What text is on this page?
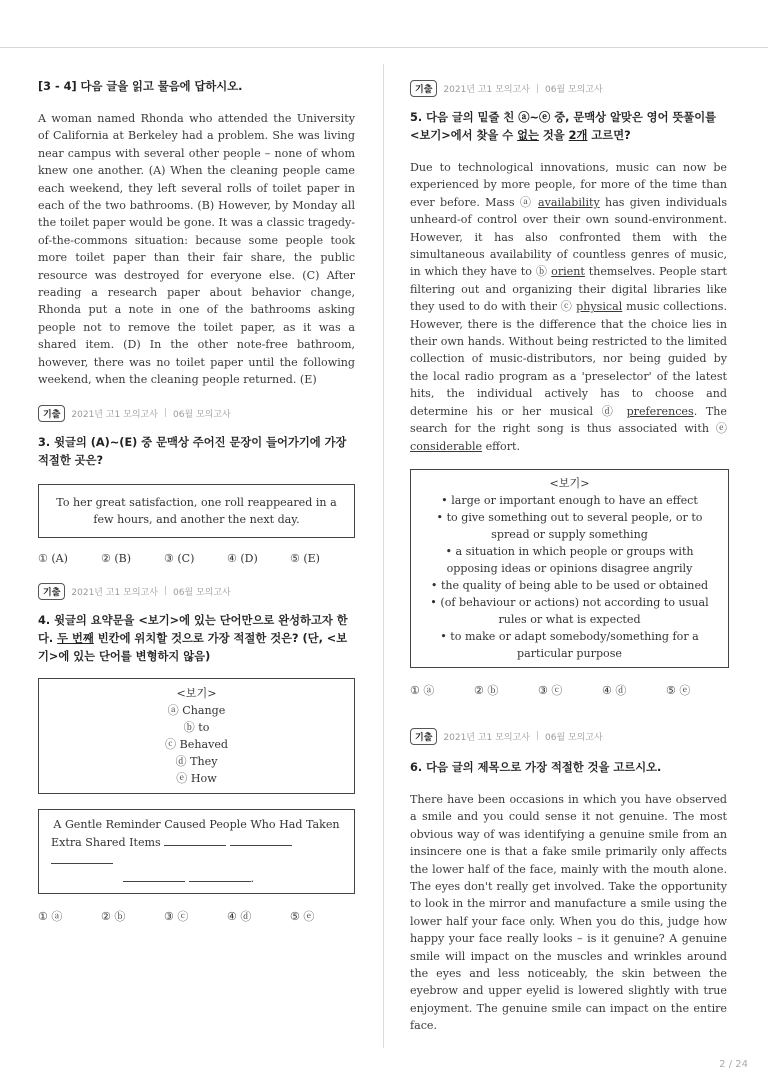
[3 - 4] 다음 글을 읽고 물음에 답하시오.

A woman named Rhonda who attended the University of California at Berkeley had a problem. She was living near campus with several other people – none of whom knew one another. (A) When the cleaning people came each weekend, they left several rolls of toilet paper in each of the two bathrooms. (B) However, by Monday all the toilet paper would be gone. It was a classic tragedy-of-the-commons situation: because some people took more toilet paper than their fair share, the public resource was destroyed for everyone else. (C) After reading a research paper about behavior change, Rhonda put a note in one of the bathrooms asking people not to remove the toilet paper, as it was a shared item. (D) In the other note-free bathroom, however, there was no toilet paper until the following weekend, when the cleaning people returned. (E)

기출	2021년 고1 모의고사 | 06월 모의고사

3. 윗글의 (A)~(E) 중 문맥상 주어진 문장이 들어가기에 가장 적절한 곳은?

To her great satisfaction, one roll reappeared in a few hours, and another the next day.
① (A)	② (B)	③ (C)	④ (D)	⑤ (E)
기출	2021년 고1 모의고사 | 06월 모의고사

4. 윗글의 요약문을 <보기>에 있는 단어만으로 완성하고자 한다. 두 번째 빈칸에 위치할 것으로 가장 적절한 것은? (단, <보기>에 있는 단어를 변형하지 않음)

<보기>
ⓐ Change
ⓑ to
ⓒ Behaved
ⓓ They
ⓔ How
A Gentle Reminder Caused People Who Had Taken
Extra Shared Items
.
① ⓐ	② ⓑ	③ ⓒ	④ ⓓ	⑤ ⓔ
기출	2021년 고1 모의고사 | 06월 모의고사

5. 다음 글의 밑줄 친 ⓐ~ⓔ 중, 문맥상 알맞은 영어 뜻풀이를 <보기>에서 찾을 수 없는 것을 2개 고르면?

Due to technological innovations, music can now be experienced by more people, for more of the time than ever before. Mass ⓐ availability has given individuals unheard-of control over their own sound-environment. However, it has also confronted them with the simultaneous availability of countless genres of music, in which they have to ⓑ orient themselves. People start filtering out and organizing their digital libraries like they used to do with their ⓒ physical music collections. However, there is the difference that the choice lies in their own hands. Without being restricted to the limited collection of music-distributors, nor being guided by the local radio program as a 'preselector' of the latest hits, the individual actively has to choose and determine his or her musical ⓓ preferences. The search for the right song is thus associated with ⓔ considerable effort.

<보기>
• large or important enough to have an effect
• to give something out to several people, or to spread or supply something
• a situation in which people or groups with opposing ideas or opinions disagree angrily
• the quality of being able to be used or obtained
• (of behaviour or actions) not according to usual rules or what is expected
• to make or adapt somebody/something for a particular purpose
① ⓐ	② ⓑ	③ ⓒ	④ ⓓ	⑤ ⓔ
기출	2021년 고1 모의고사 | 06월 모의고사

6. 다음 글의 제목으로 가장 적절한 것을 고르시오.

There have been occasions in which you have observed a smile and you could sense it not genuine. The most obvious way of was identifying a genuine smile from an insincere one is that a fake smile primarily only affects the lower half of the face, mainly with the mouth alone. The eyes don't really get involved. Take the opportunity to look in the mirror and manufacture a smile using the lower half your face only. When you do this, judge how happy your face really looks – is it genuine? A genuine smile will impact on the muscles and wrinkles around the eyes and less noticeably, the skin between the eyebrow and upper eyelid is lowered slightly with true enjoyment. The genuine smile can impact on the entire face.

2 / 24
